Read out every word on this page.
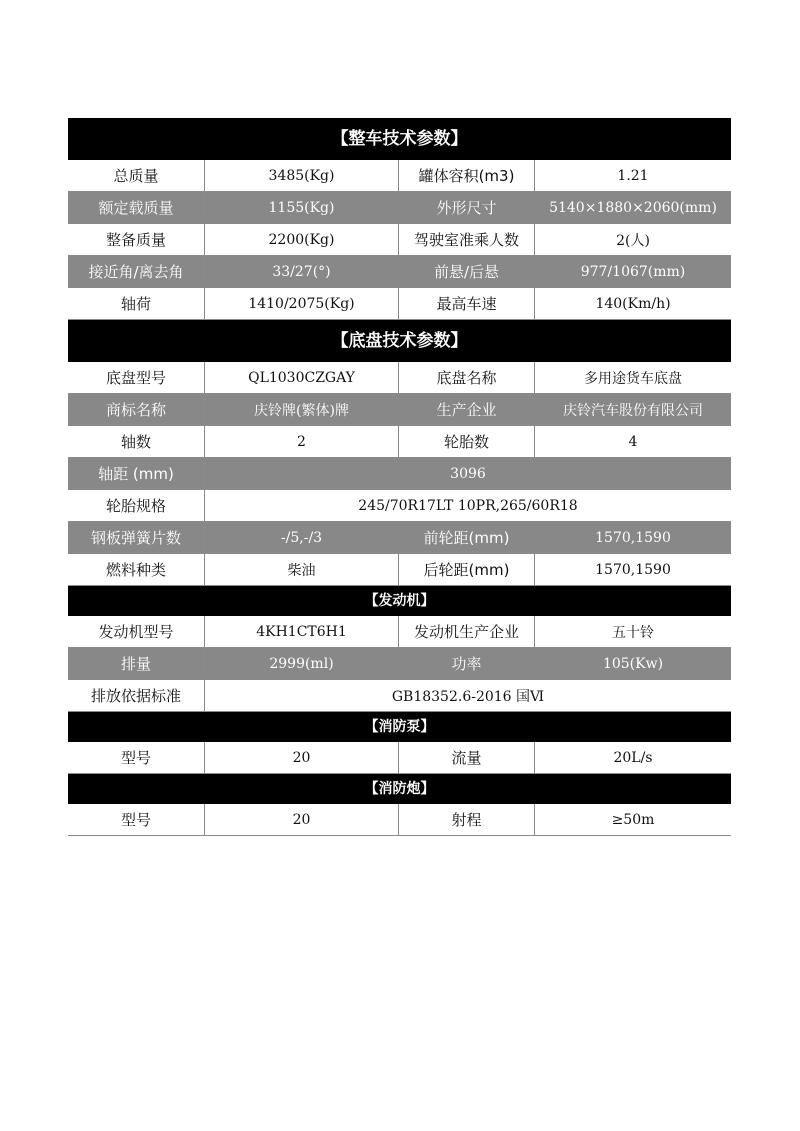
【整车技术参数】
总质量	3485(Kg)	罐体容积(m3)	1.21
额定载质量	1155(Kg)	外形尺寸	5140×1880×2060(mm)
整备质量	2200(Kg)	驾驶室准乘人数	2(人)
接近角/离去角	33/27(°)	前悬/后悬	977/1067(mm)
轴荷	1410/2075(Kg)	最高车速	140(Km/h)
【底盘技术参数】
底盘型号	QL1030CZGAY	底盘名称	多用途货车底盘
商标名称	庆铃牌(繁体)牌	生产企业	庆铃汽车股份有限公司
轴数	2	轮胎数	4
轴距 (mm)	3096
轮胎规格	245/70R17LT 10PR,265/60R18
钢板弹簧片数	-/5,-/3	前轮距(mm)	1570,1590
燃料种类	柴油	后轮距(mm)	1570,1590
【发动机】
发动机型号	4KH1CT6H1	发动机生产企业	五十铃
排量	2999(ml)	功率	105(Kw)
排放依据标准	GB18352.6-2016 国Ⅵ
【消防泵】
型号	20	流量	20L/s
【消防炮】
型号	20	射程	≥50m
